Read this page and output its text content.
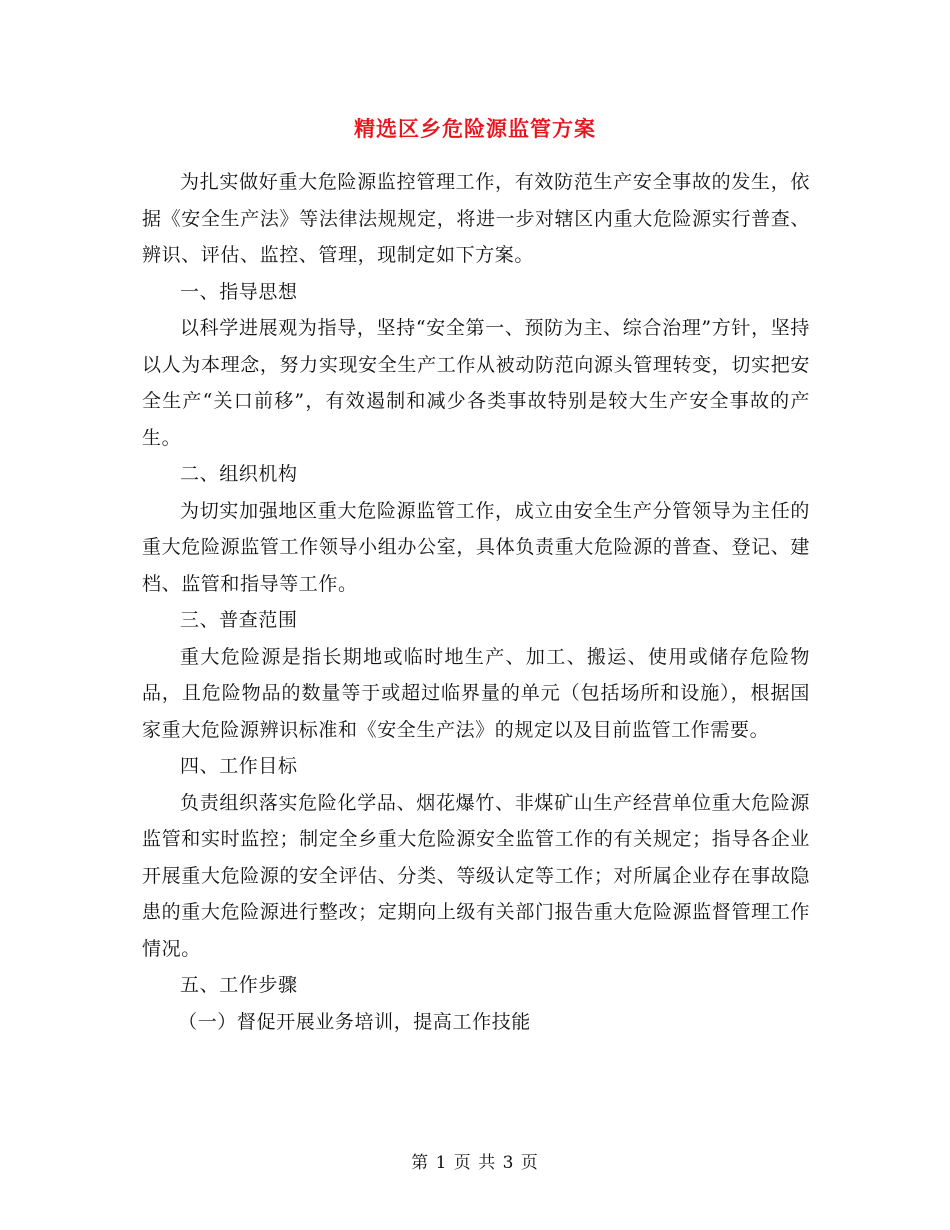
精选区乡危险源监管方案

为扎实做好重大危险源监控管理工作，有效防范生产安全事故的发生，依据《安全生产法》等法律法规规定，将进一步对辖区内重大危险源实行普查、辨识、评估、监控、管理，现制定如下方案。

一、指导思想

以科学进展观为指导，坚持“安全第一、预防为主、综合治理”方针，坚持以人为本理念，努力实现安全生产工作从被动防范向源头管理转变，切实把安全生产“关口前移”，有效遏制和减少各类事故特别是较大生产安全事故的产生。

二、组织机构

为切实加强地区重大危险源监管工作，成立由安全生产分管领导为主任的重大危险源监管工作领导小组办公室，具体负责重大危险源的普查、登记、建档、监管和指导等工作。

三、普查范围

重大危险源是指长期地或临时地生产、加工、搬运、使用或储存危险物品，且危险物品的数量等于或超过临界量的单元（包括场所和设施），根据国家重大危险源辨识标准和《安全生产法》的规定以及目前监管工作需要。

四、工作目标

负责组织落实危险化学品、烟花爆竹、非煤矿山生产经营单位重大危险源监管和实时监控；制定全乡重大危险源安全监管工作的有关规定；指导各企业开展重大危险源的安全评估、分类、等级认定等工作；对所属企业存在事故隐患的重大危险源进行整改；定期向上级有关部门报告重大危险源监督管理工作情况。

五、工作步骤

（一）督促开展业务培训，提高工作技能

第 1 页 共 3 页
